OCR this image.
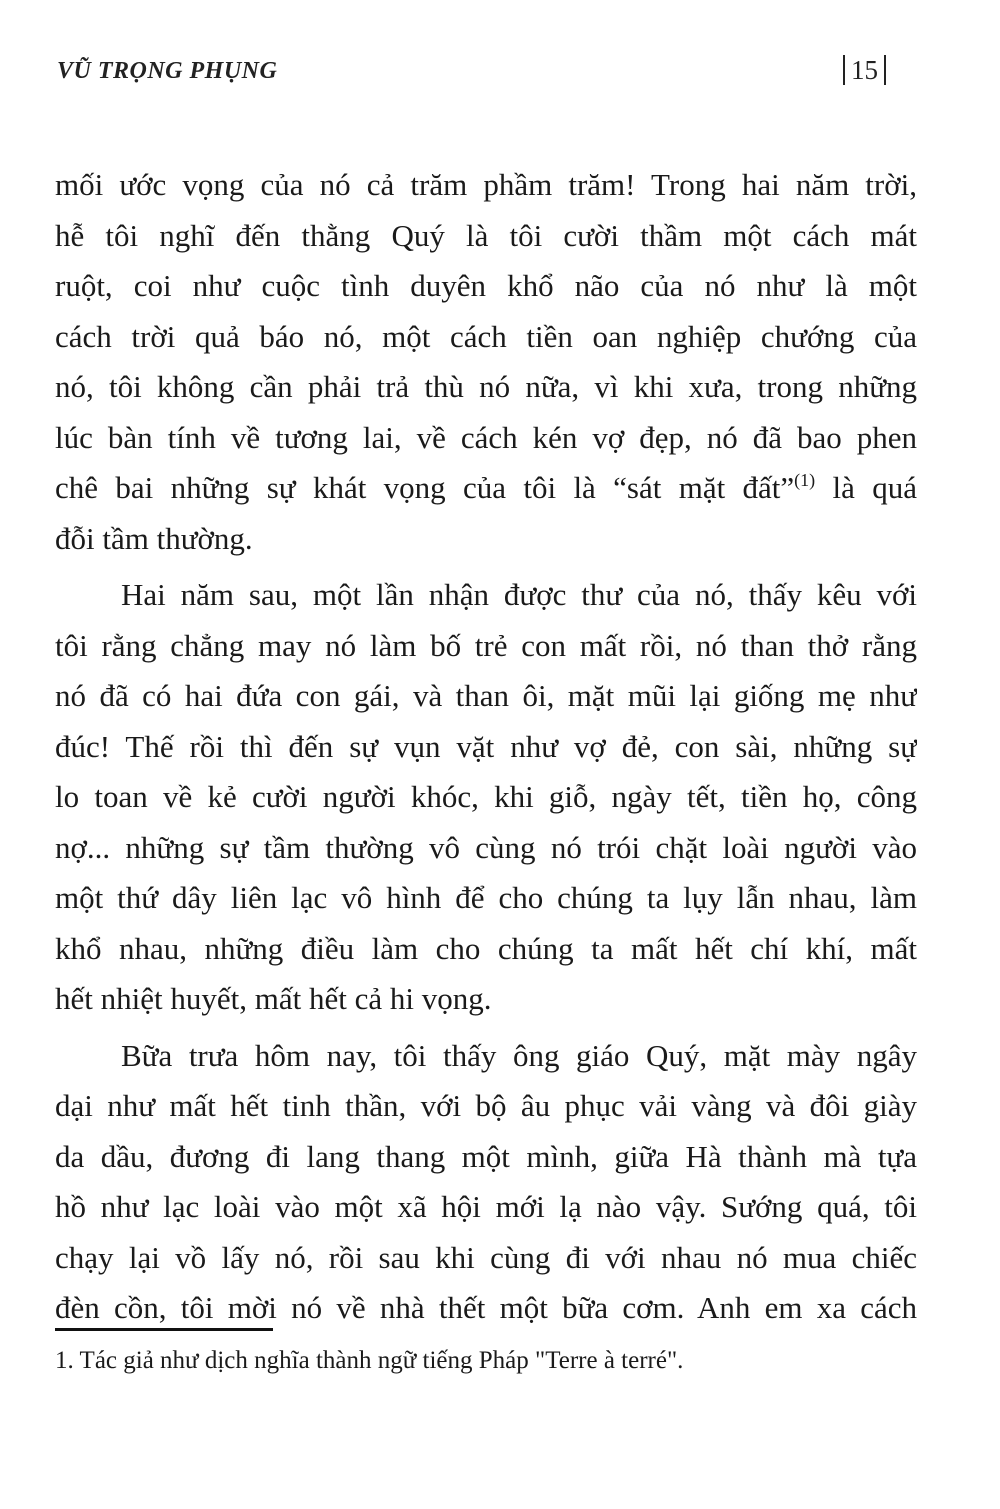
VŨ TRỌNG PHỤNG	15
mối ước vọng của nó cả trăm phầm trăm! Trong hai năm trời,
hễ tôi nghĩ đến thằng Quý là tôi cười thầm một cách mát
ruột, coi như cuộc tình duyên khổ não của nó như là một
cách trời quả báo nó, một cách tiền oan nghiệp chướng của
nó, tôi không cần phải trả thù nó nữa, vì khi xưa, trong những
lúc bàn tính về tương lai, về cách kén vợ đẹp, nó đã bao phen
chê bai những sự khát vọng của tôi là “sát mặt đất”$^{(1)}$ là quá
đỗi tầm thường.
Hai năm sau, một lần nhận được thư của nó, thấy kêu với
tôi rằng chẳng may nó làm bố trẻ con mất rồi, nó than thở rằng
nó đã có hai đứa con gái, và than ôi, mặt mũi lại giống mẹ như
đúc! Thế rồi thì đến sự vụn vặt như vợ đẻ, con sài, những sự
lo toan về kẻ cười người khóc, khi giỗ, ngày tết, tiền họ, công
nợ... những sự tầm thường vô cùng nó trói chặt loài người vào
một thứ dây liên lạc vô hình để cho chúng ta lụy lẫn nhau, làm
khổ nhau, những điều làm cho chúng ta mất hết chí khí, mất
hết nhiệt huyết, mất hết cả hi vọng.
Bữa trưa hôm nay, tôi thấy ông giáo Quý, mặt mày ngây
dại như mất hết tinh thần, với bộ âu phục vải vàng và đôi giày
da dầu, đương đi lang thang một mình, giữa Hà thành mà tựa
hồ như lạc loài vào một xã hội mới lạ nào vậy. Sướng quá, tôi
chạy lại vồ lấy nó, rồi sau khi cùng đi với nhau nó mua chiếc
đèn cồn, tôi mời nó về nhà thết một bữa cơm. Anh em xa cách
1. Tác giả như dịch nghĩa thành ngữ tiếng Pháp "Terre à terré".
